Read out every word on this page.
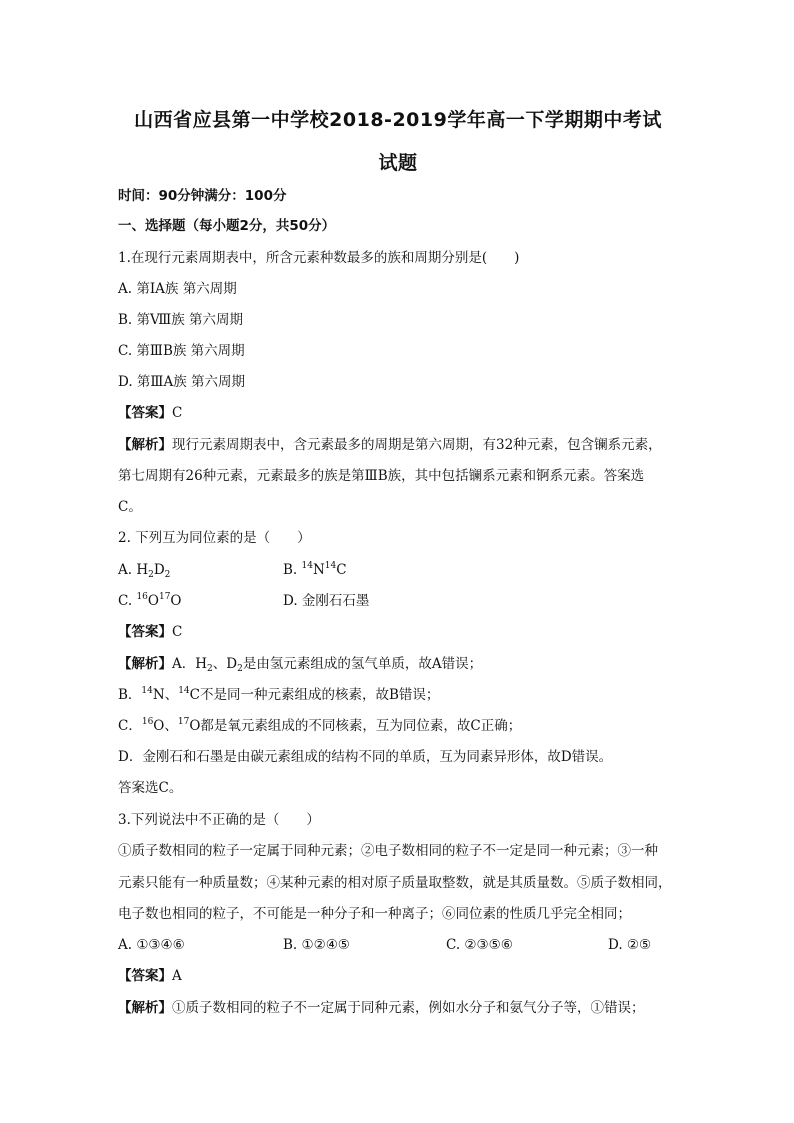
山西省应县第一中学校2018-2019学年高一下学期期中考试
试题
时间：90分钟满分：100分
一、选择题（每小题2分，共50分）
1.在现行元素周期表中，所含元素种数最多的族和周期分别是(　　)
A. 第ⅠA族 第六周期
B. 第Ⅷ族 第六周期
C. 第ⅢB族 第六周期
D. 第ⅢA族 第六周期
【答案】C
【解析】现行元素周期表中，含元素最多的周期是第六周期，有32种元素，包含镧系元素，
第七周期有26种元素，元素最多的族是第ⅢB族，其中包括镧系元素和锕系元素。答案选
C。
2. 下列互为同位素的是（　　）
A. $H_2D_2$	B. $^{14}N^{14}C$
C. $^{16}O^{17}O$	D. 金刚石石墨
【答案】C
【解析】A．$H_2$、$D_2$是由氢元素组成的氢气单质，故A错误；
B．$^{14}$N、$^{14}$C不是同一种元素组成的核素，故B错误；
C．$^{16}$O、$^{17}$O都是氧元素组成的不同核素，互为同位素，故C正确；
D．金刚石和石墨是由碳元素组成的结构不同的单质，互为同素异形体，故D错误。
答案选C。
3.下列说法中不正确的是（　　）
①质子数相同的粒子一定属于同种元素；②电子数相同的粒子不一定是同一种元素；③一种
元素只能有一种质量数；④某种元素的相对原子质量取整数，就是其质量数。⑤质子数相同，
电子数也相同的粒子，不可能是一种分子和一种离子；⑥同位素的性质几乎完全相同；
A. ①③④⑥	B. ①②④⑤	C. ②③⑤⑥	D. ②⑤
【答案】A
【解析】①质子数相同的粒子不一定属于同种元素，例如水分子和氨气分子等，①错误；
